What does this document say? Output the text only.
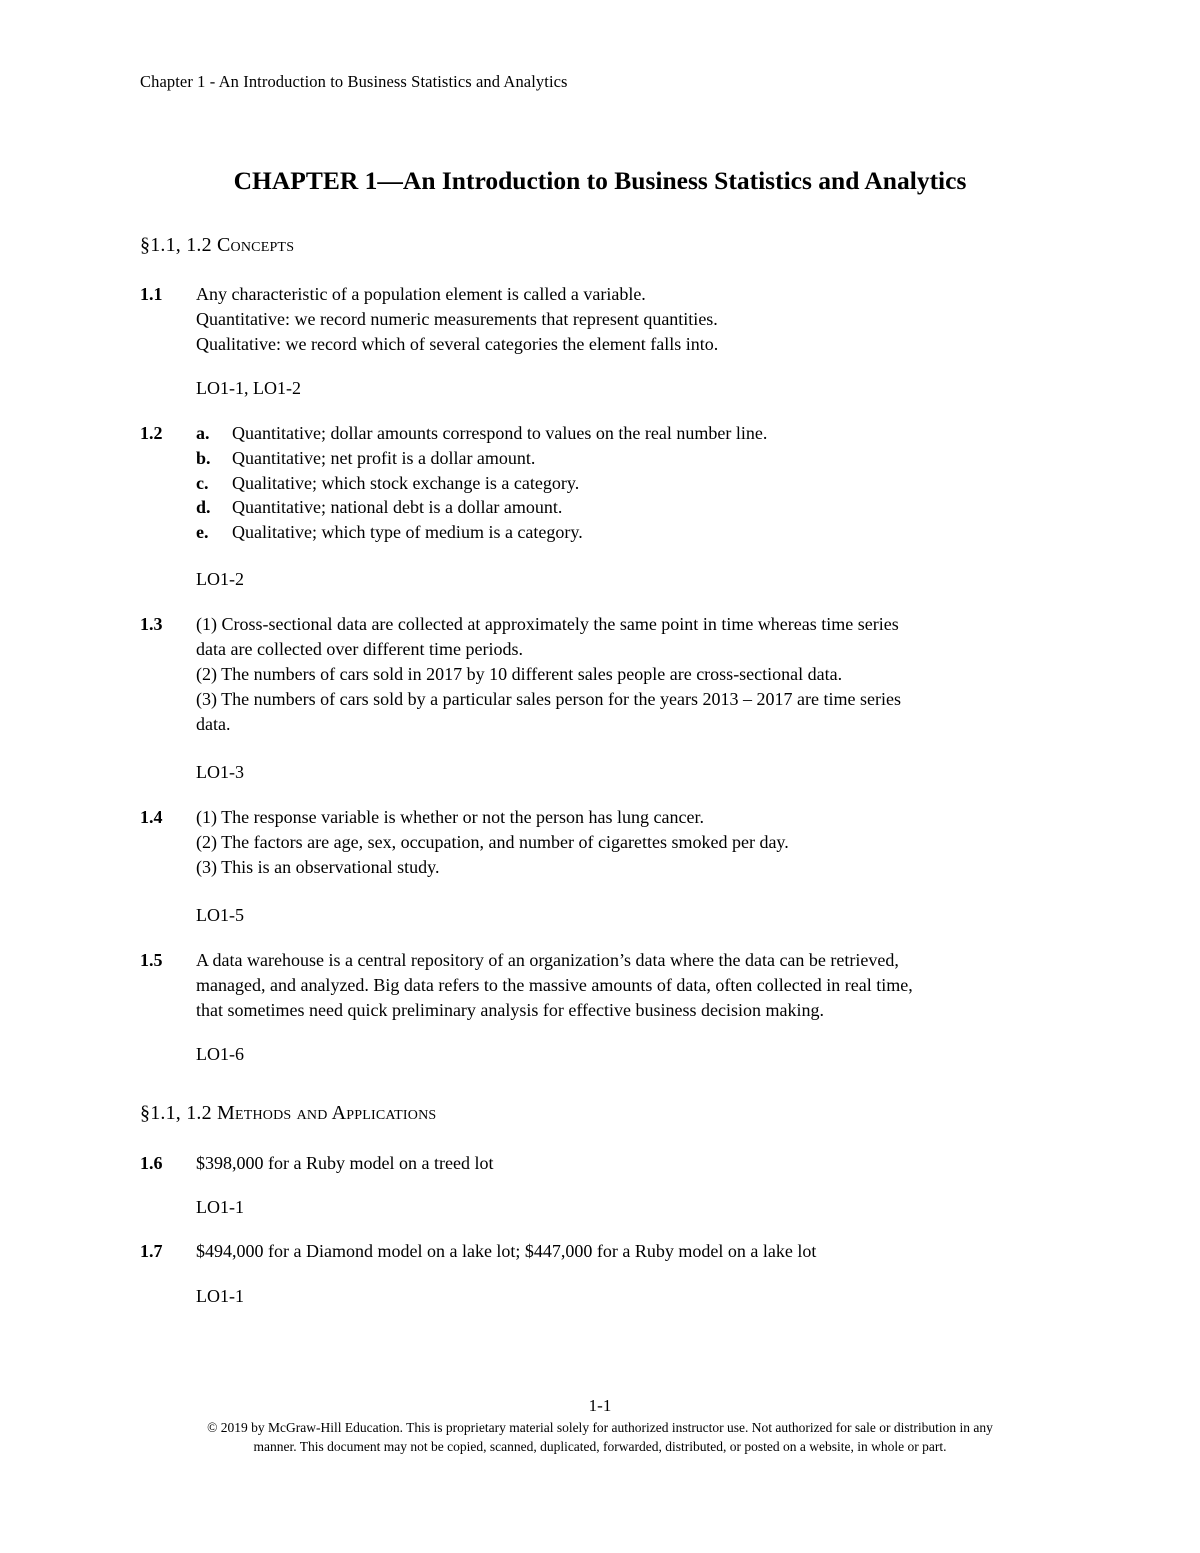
Chapter 1 - An Introduction to Business Statistics and Analytics
CHAPTER 1—An Introduction to Business Statistics and Analytics
§1.1, 1.2 Concepts
1.1 Any characteristic of a population element is called a variable.
Quantitative: we record numeric measurements that represent quantities.
Qualitative: we record which of several categories the element falls into.
LO1-1, LO1-2
1.2 a. Quantitative; dollar amounts correspond to values on the real number line.
b. Quantitative; net profit is a dollar amount.
c. Qualitative; which stock exchange is a category.
d. Quantitative; national debt is a dollar amount.
e. Qualitative; which type of medium is a category.
LO1-2
1.3 (1) Cross-sectional data are collected at approximately the same point in time whereas time series
data are collected over different time periods.
(2) The numbers of cars sold in 2017 by 10 different sales people are cross-sectional data.
(3) The numbers of cars sold by a particular sales person for the years 2013 – 2017 are time series
data.
LO1-3
1.4 (1) The response variable is whether or not the person has lung cancer.
(2) The factors are age, sex, occupation, and number of cigarettes smoked per day.
(3) This is an observational study.
LO1-5
1.5 A data warehouse is a central repository of an organization’s data where the data can be retrieved,
managed, and analyzed. Big data refers to the massive amounts of data, often collected in real time,
that sometimes need quick preliminary analysis for effective business decision making.
LO1-6
§1.1, 1.2 Methods and Applications
1.6 $398,000 for a Ruby model on a treed lot
LO1-1
1.7 $494,000 for a Diamond model on a lake lot; $447,000 for a Ruby model on a lake lot
LO1-1
1-1
© 2019 by McGraw-Hill Education. This is proprietary material solely for authorized instructor use. Not authorized for sale or distribution in any
manner. This document may not be copied, scanned, duplicated, forwarded, distributed, or posted on a website, in whole or part.
